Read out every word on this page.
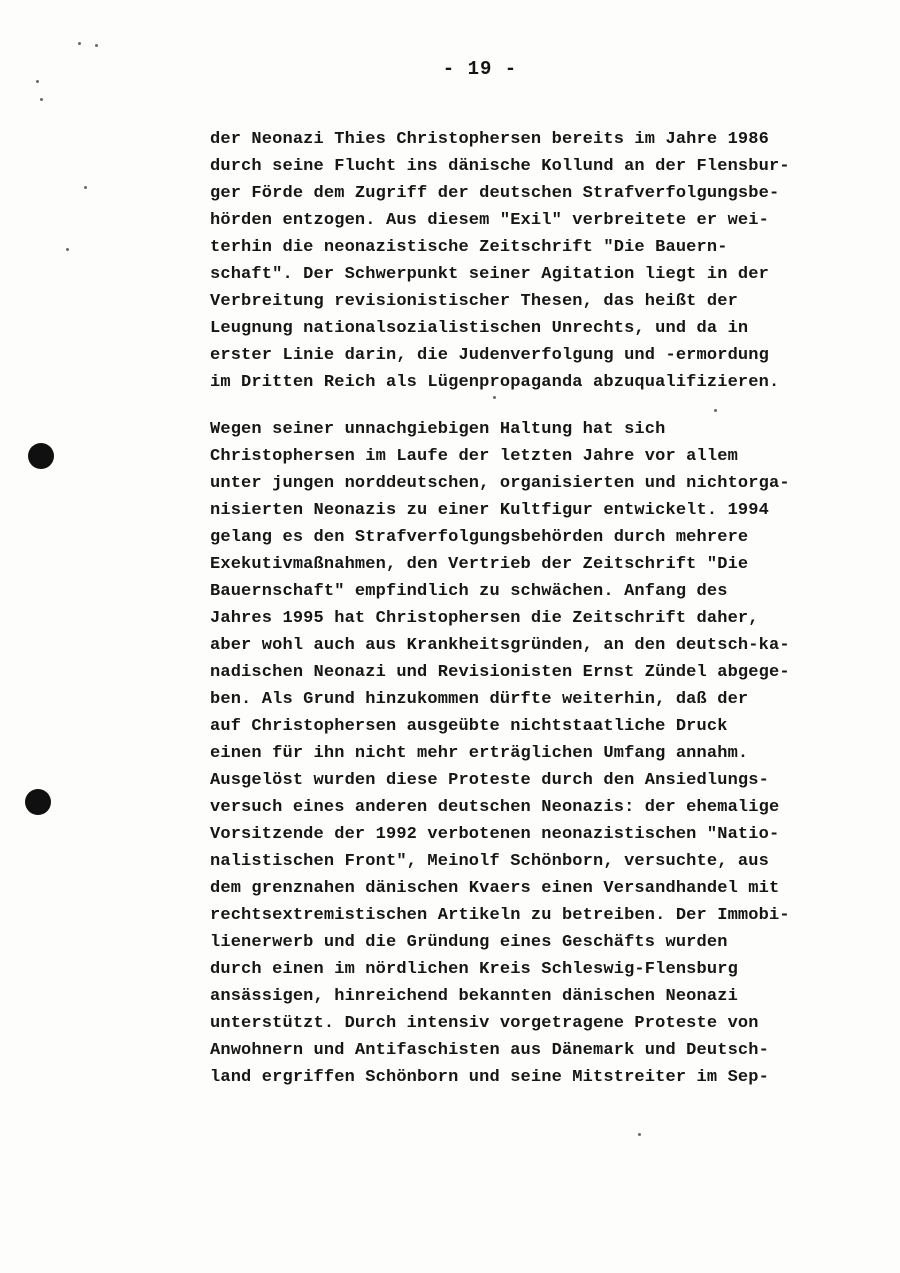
- 19 -
der Neonazi Thies Christophersen bereits im Jahre 1986
durch seine Flucht ins dänische Kollund an der Flensbur-
ger Förde dem Zugriff der deutschen Strafverfolgungsbe-
hörden entzogen. Aus diesem "Exil" verbreitete er wei-
terhin die neonazistische Zeitschrift "Die Bauern-
schaft". Der Schwerpunkt seiner Agitation liegt in der
Verbreitung revisionistischer Thesen, das heißt der
Leugnung nationalsozialistischen Unrechts, und da in
erster Linie darin, die Judenverfolgung und -ermordung
im Dritten Reich als Lügenpropaganda abzuqualifizieren.
Wegen seiner unnachgiebigen Haltung hat sich
Christophersen im Laufe der letzten Jahre vor allem
unter jungen norddeutschen, organisierten und nichtorga-
nisierten Neonazis zu einer Kultfigur entwickelt. 1994
gelang es den Strafverfolgungsbehörden durch mehrere
Exekutivmaßnahmen, den Vertrieb der Zeitschrift "Die
Bauernschaft" empfindlich zu schwächen. Anfang des
Jahres 1995 hat Christophersen die Zeitschrift daher,
aber wohl auch aus Krankheitsgründen, an den deutsch-ka-
nadischen Neonazi und Revisionisten Ernst Zündel abgege-
ben. Als Grund hinzukommen dürfte weiterhin, daß der
auf Christophersen ausgeübte nichtstaatliche Druck
einen für ihn nicht mehr erträglichen Umfang annahm.
Ausgelöst wurden diese Proteste durch den Ansiedlungs-
versuch eines anderen deutschen Neonazis: der ehemalige
Vorsitzende der 1992 verbotenen neonazistischen "Natio-
nalistischen Front", Meinolf Schönborn, versuchte, aus
dem grenznahen dänischen Kvaers einen Versandhandel mit
rechtsextremistischen Artikeln zu betreiben. Der Immobi-
lienerwerb und die Gründung eines Geschäfts wurden
durch einen im nördlichen Kreis Schleswig-Flensburg
ansässigen, hinreichend bekannten dänischen Neonazi
unterstützt. Durch intensiv vorgetragene Proteste von
Anwohnern und Antifaschisten aus Dänemark und Deutsch-
land ergriffen Schönborn und seine Mitstreiter im Sep-
